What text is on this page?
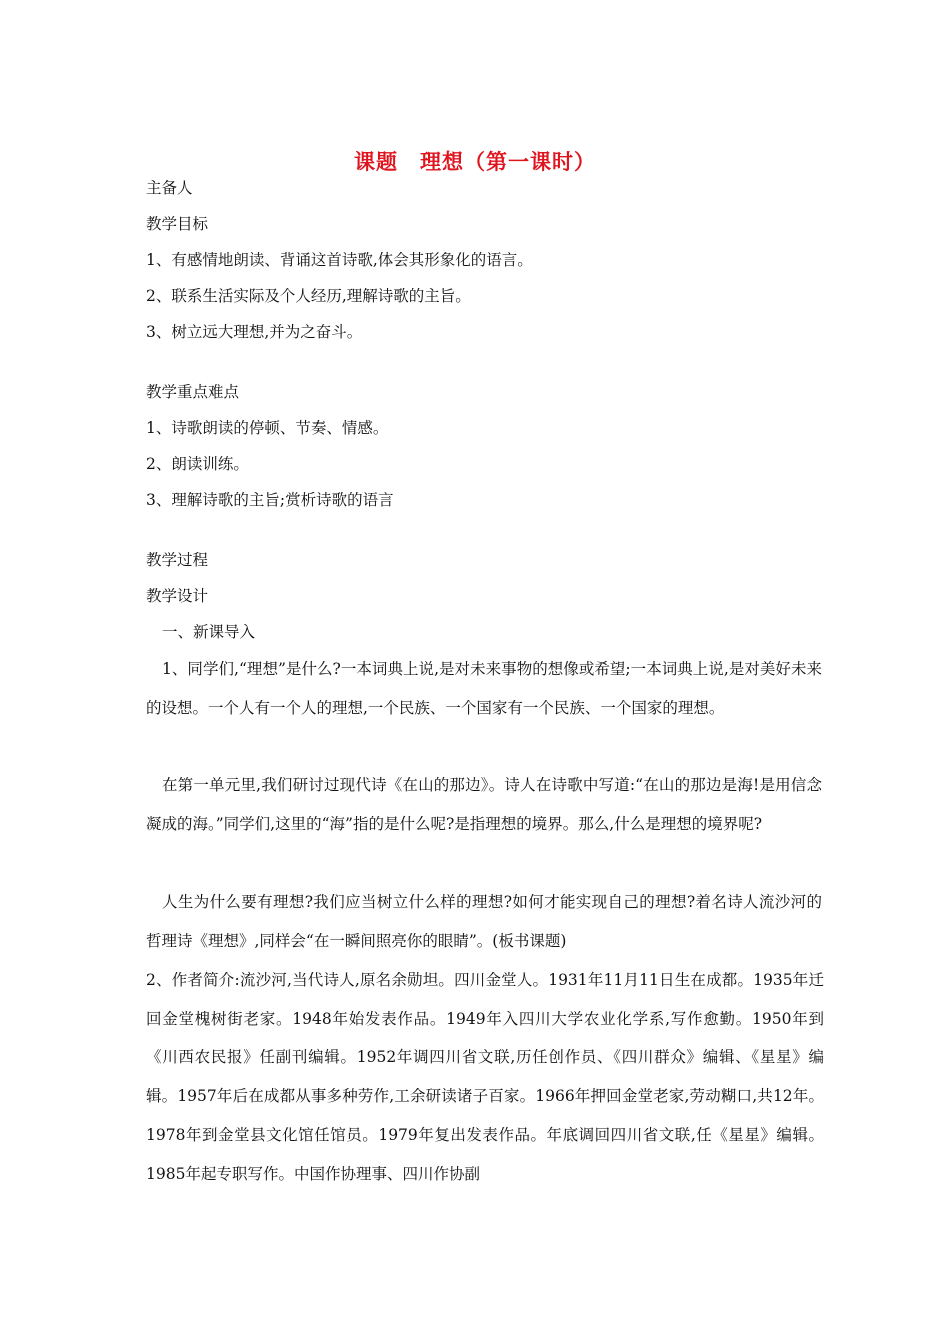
课题 理想（第一课时）
主备人
教学目标
1、有感情地朗读、背诵这首诗歌,体会其形象化的语言。
2、联系生活实际及个人经历,理解诗歌的主旨。
3、树立远大理想,并为之奋斗。
教学重点难点
1、诗歌朗读的停顿、节奏、情感。
2、朗读训练。
3、理解诗歌的主旨;赏析诗歌的语言
教学过程
教学设计
一、新课导入

1、同学们,“理想”是什么?一本词典上说,是对未来事物的想像或希望;一本词典上说,是对美好未来的设想。一个人有一个人的理想,一个民族、一个国家有一个民族、一个国家的理想。

在第一单元里,我们研讨过现代诗《在山的那边》。诗人在诗歌中写道:“在山的那边是海!是用信念凝成的海。”同学们,这里的“海”指的是什么呢?是指理想的境界。那么,什么是理想的境界呢?

人生为什么要有理想?我们应当树立什么样的理想?如何才能实现自己的理想?着名诗人流沙河的哲理诗《理想》,同样会“在一瞬间照亮你的眼睛”。(板书课题)

2、作者简介:流沙河,当代诗人,原名余勋坦。四川金堂人。1931年11月11日生在成都。1935年迁回金堂槐树街老家。1948年始发表作品。1949年入四川大学农业化学系,写作愈勤。1950年到《川西农民报》任副刊编辑。1952年调四川省文联,历任创作员、《四川群众》编辑、《星星》编辑。1957年后在成都从事多种劳作,工余研读诸子百家。1966年押回金堂老家,劳动糊口,共12年。1978年到金堂县文化馆任馆员。1979年复出发表作品。年底调回四川省文联,任《星星》编辑。1985年起专职写作。中国作协理事、四川作协副
